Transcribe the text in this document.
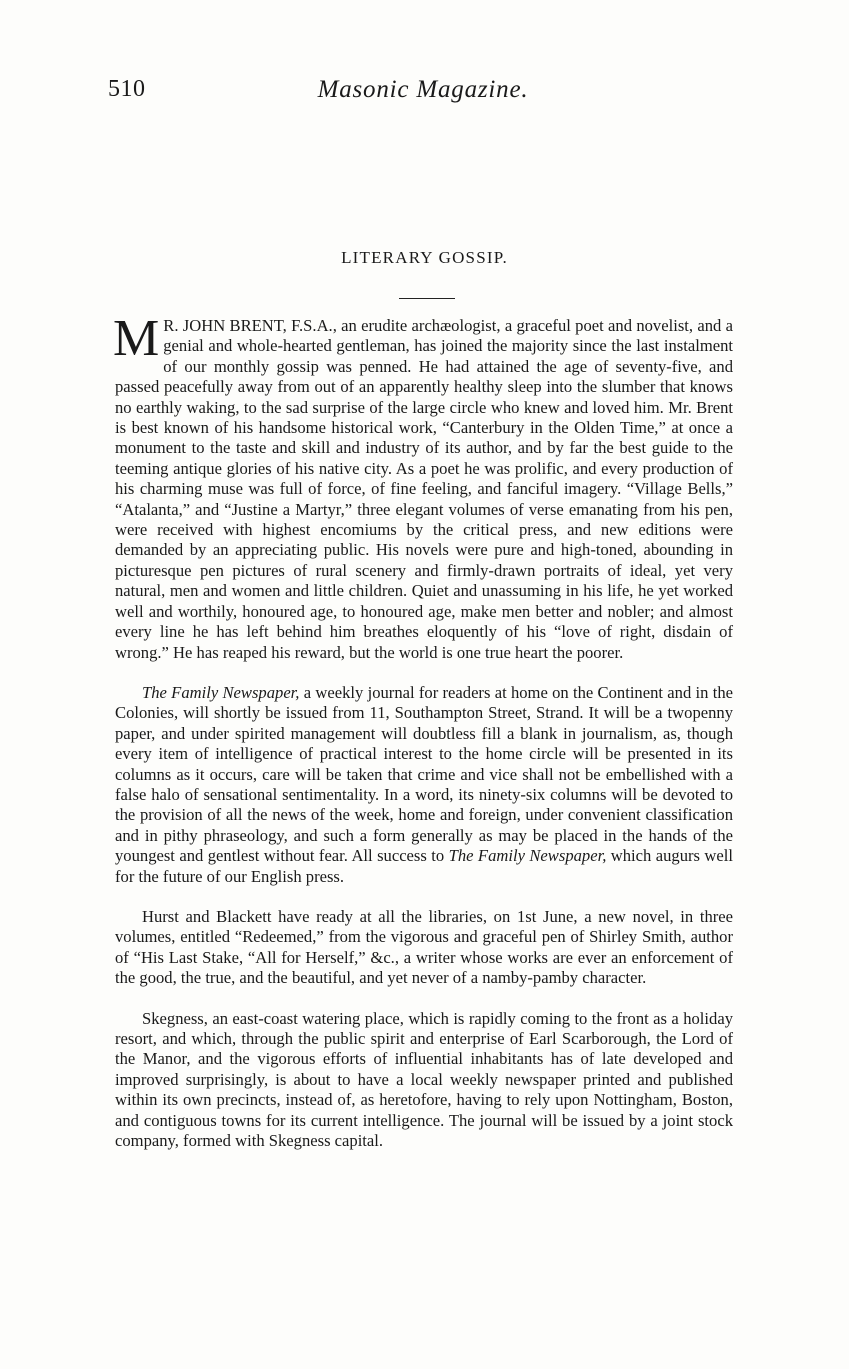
510	Masonic Magazine.
LITERARY GOSSIP.

M R. JOHN BRENT, F.S.A., an erudite archæologist, a graceful poet and novelist, and a genial and whole-hearted gentleman, has joined the majority since the last instalment of our monthly gossip was penned. He had attained the age of seventy-five, and passed peacefully away from out of an apparently healthy sleep into the slumber that knows no earthly waking, to the sad surprise of the large circle who knew and loved him. Mr. Brent is best known of his handsome historical work, “Canterbury in the Olden Time,” at once a monument to the taste and skill and industry of its author, and by far the best guide to the teeming antique glories of his native city. As a poet he was prolific, and every production of his charming muse was full of force, of fine feeling, and fanciful imagery. “Village Bells,” “Atalanta,” and “Justine a Martyr,” three elegant volumes of verse emanating from his pen, were received with highest encomiums by the critical press, and new editions were demanded by an appreciating public. His novels were pure and high-toned, abounding in picturesque pen pictures of rural scenery and firmly-drawn portraits of ideal, yet very natural, men and women and little children. Quiet and unassuming in his life, he yet worked well and worthily, honoured age, to honoured age, make men better and nobler; and almost every line he has left behind him breathes eloquently of his “love of right, disdain of wrong.” He has reaped his reward, but the world is one true heart the poorer.

The Family Newspaper, a weekly journal for readers at home on the Continent and in the Colonies, will shortly be issued from 11, Southampton Street, Strand. It will be a twopenny paper, and under spirited management will doubtless fill a blank in journalism, as, though every item of intelligence of practical interest to the home circle will be presented in its columns as it occurs, care will be taken that crime and vice shall not be embellished with a false halo of sensational sentimentality. In a word, its ninety-six columns will be devoted to the provision of all the news of the week, home and foreign, under convenient classification and in pithy phraseology, and such a form generally as may be placed in the hands of the youngest and gentlest without fear. All success to The Family Newspaper, which augurs well for the future of our English press.

Hurst and Blackett have ready at all the libraries, on 1st June, a new novel, in three volumes, entitled “Redeemed,” from the vigorous and graceful pen of Shirley Smith, author of “His Last Stake, “All for Herself,” &c., a writer whose works are ever an enforcement of the good, the true, and the beautiful, and yet never of a namby-pamby character.

Skegness, an east-coast watering place, which is rapidly coming to the front as a holiday resort, and which, through the public spirit and enterprise of Earl Scarborough, the Lord of the Manor, and the vigorous efforts of influential inhabitants has of late developed and improved surprisingly, is about to have a local weekly newspaper printed and published within its own precincts, instead of, as heretofore, having to rely upon Nottingham, Boston, and contiguous towns for its current intelligence. The journal will be issued by a joint stock company, formed with Skegness capital.
